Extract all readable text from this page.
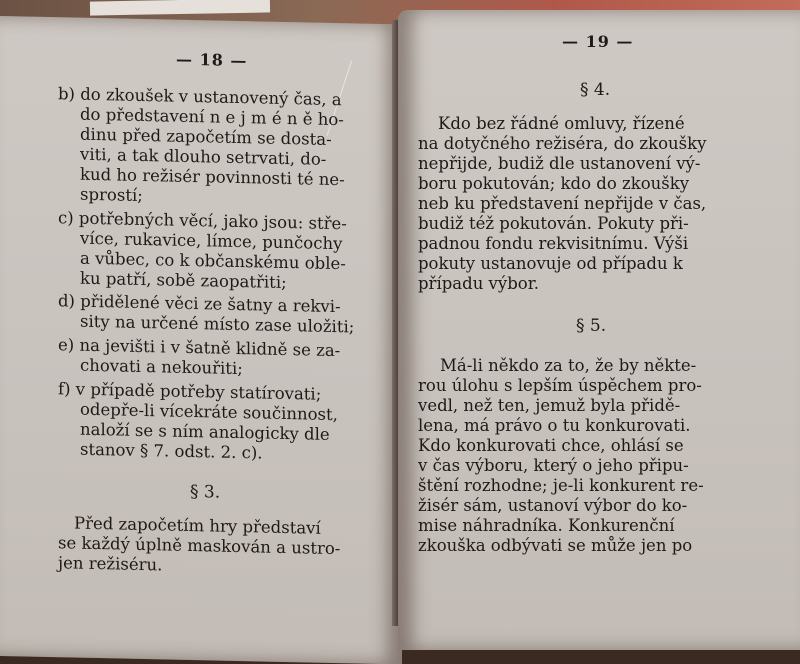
— 18 —
b) do zkoušek v ustanovený čas, a
do představení n e j m é n ě ho-
dinu před započetím se dosta-
viti, a tak dlouho setrvati, do-
kud ho režisér povinnosti té ne-
sprostí;
c) potřebných věcí, jako jsou: stře-
více, rukavice, límce, punčochy
a vůbec, co k občanskému oble-
ku patří, sobě zaopatřiti;
d) přidělené věci ze šatny a rekvi-
sity na určené místo zase uložiti;
e) na jevišti i v šatně klidně se za-
chovati a nekouřiti;
f) v případě potřeby statírovati;
odepře-li vícekráte součinnost,
naloží se s ním analogicky dle
stanov § 7. odst. 2. c).
§ 3.
Před započetím hry představí
se každý úplně maskován a ustro-
jen režiséru.
— 19 —
§ 4.
Kdo bez řádné omluvy, řízené
na dotyčného režiséra, do zkoušky
nepřijde, budiž dle ustanovení vý-
boru pokutován; kdo do zkoušky
neb ku představení nepřijde v čas,
budiž též pokutován. Pokuty při-
padnou fondu rekvisitnímu. Výši
pokuty ustanovuje od případu k
případu výbor.
§ 5.
Má-li někdo za to, že by někte-
rou úlohu s lepším úspěchem pro-
vedl, než ten, jemuž byla přidě-
lena, má právo o tu konkurovati.
Kdo konkurovati chce, ohlásí se
v čas výboru, který o jeho připu-
štění rozhodne; je-li konkurent re-
žisér sám, ustanoví výbor do ko-
mise náhradníka. Konkurenční
zkouška odbývati se může jen po
